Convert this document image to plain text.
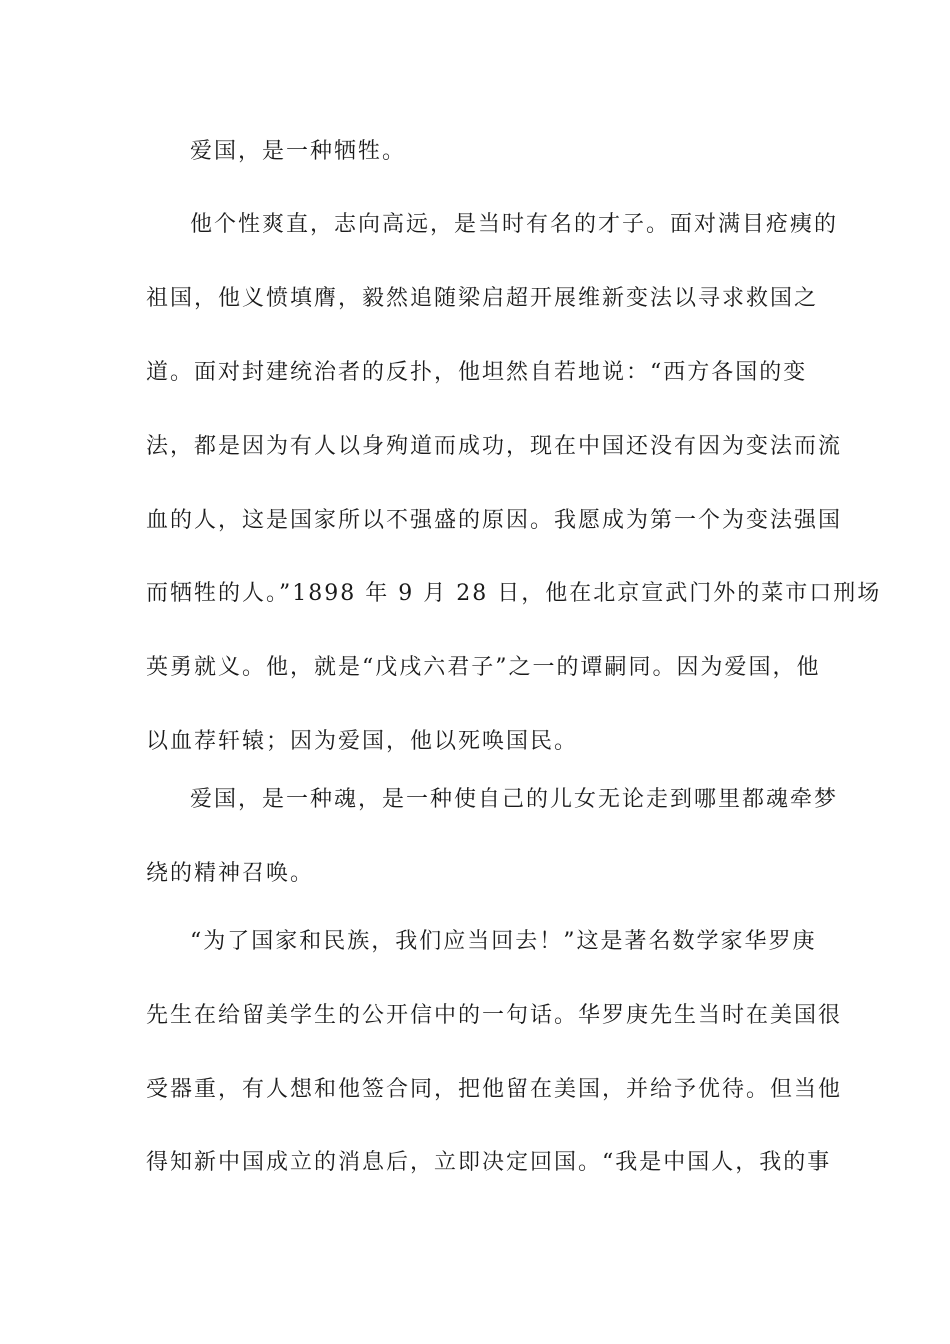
爱国，是一种牺牲。
他个性爽直，志向高远，是当时有名的才子。面对满目疮痍的
祖国，他义愤填膺，毅然追随梁启超开展维新变法以寻求救国之
道。面对封建统治者的反扑，他坦然自若地说：“西方各国的变
法，都是因为有人以身殉道而成功，现在中国还没有因为变法而流
血的人，这是国家所以不强盛的原因。我愿成为第一个为变法强国
而牺牲的人。”1898 年 9 月 28 日，他在北京宣武门外的菜市口刑场
英勇就义。他，就是“戊戌六君子”之一的谭嗣同。因为爱国，他
以血荐轩辕；因为爱国，他以死唤国民。
爱国，是一种魂，是一种使自己的儿女无论走到哪里都魂牵梦
绕的精神召唤。
“为了国家和民族，我们应当回去！”这是著名数学家华罗庚
先生在给留美学生的公开信中的一句话。华罗庚先生当时在美国很
受器重，有人想和他签合同，把他留在美国，并给予优待。但当他
得知新中国成立的消息后，立即决定回国。“我是中国人，我的事
